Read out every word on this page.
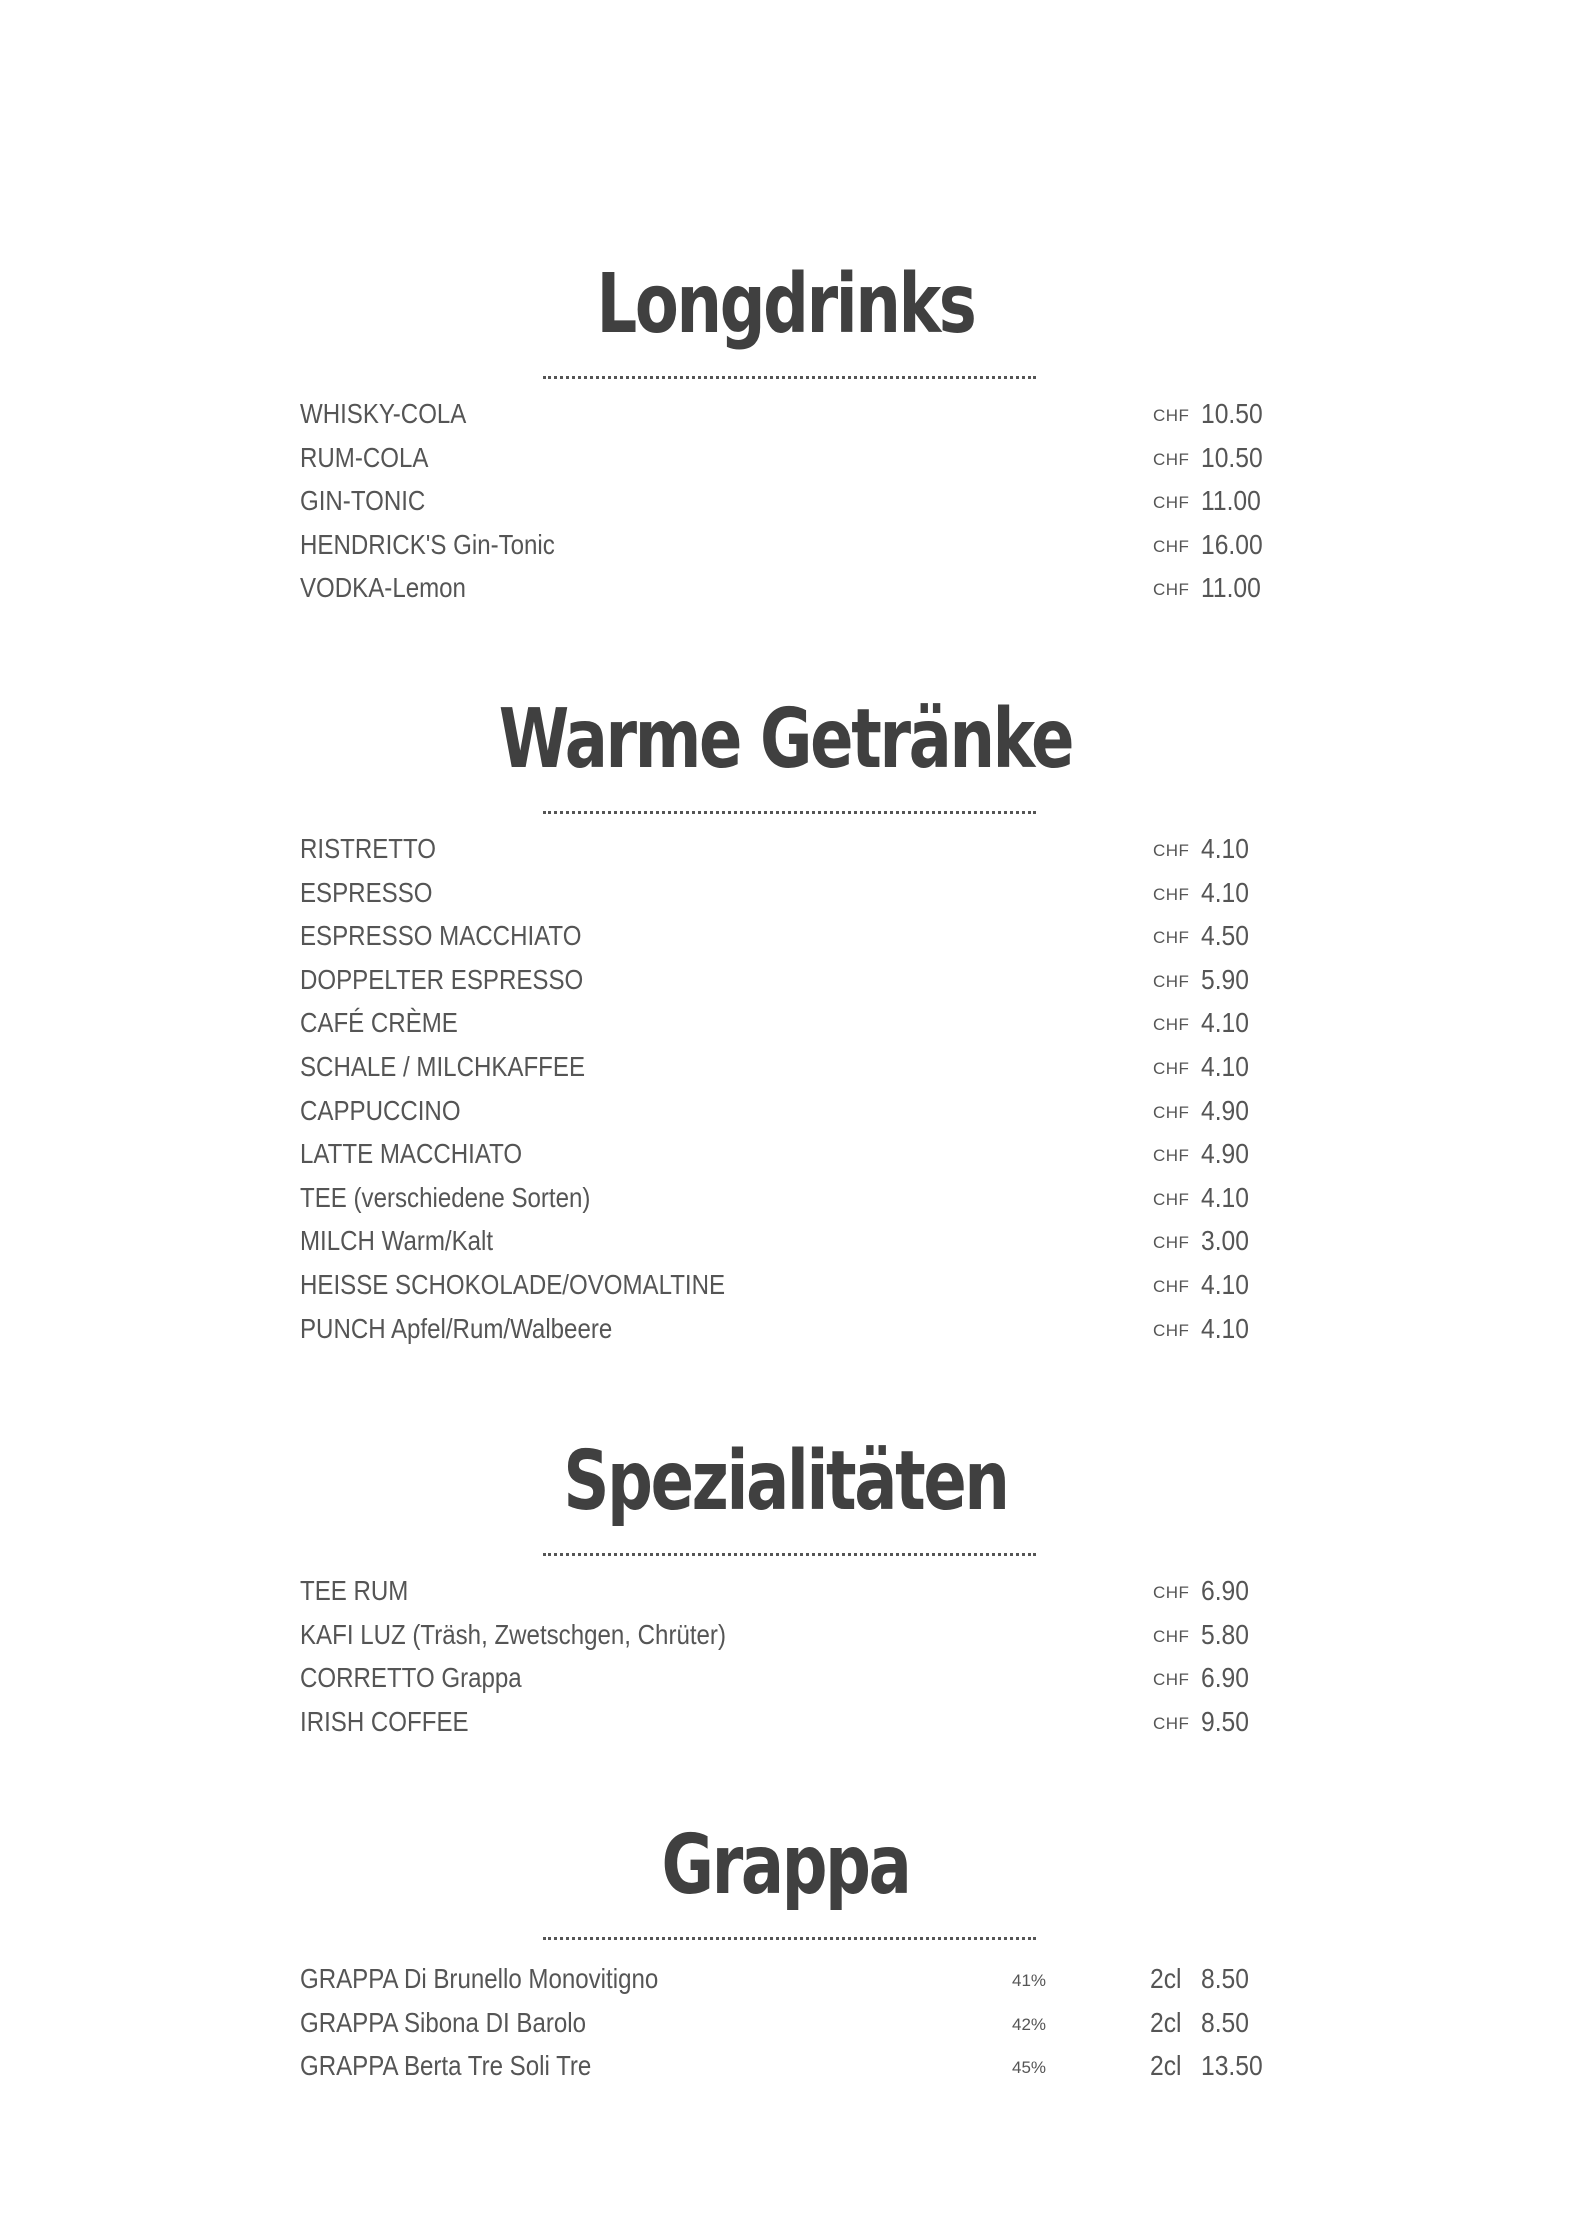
Longdrinks
WHISKY-COLA	CHF 10.50
RUM-COLA	CHF 10.50
GIN-TONIC	CHF 11.00
HENDRICK'S Gin-Tonic	CHF 16.00
VODKA-Lemon	CHF 11.00
Warme Getränke
RISTRETTO	CHF 4.10
ESPRESSO	CHF 4.10
ESPRESSO MACCHIATO	CHF 4.50
DOPPELTER ESPRESSO	CHF 5.90
CAFÉ CRÈME	CHF 4.10
SCHALE / MILCHKAFFEE	CHF 4.10
CAPPUCCINO	CHF 4.90
LATTE MACCHIATO	CHF 4.90
TEE (verschiedene Sorten)	CHF 4.10
MILCH Warm/Kalt	CHF 3.00
HEISSE SCHOKOLADE/OVOMALTINE	CHF 4.10
PUNCH Apfel/Rum/Walbeere	CHF 4.10
Spezialitäten
TEE RUM	CHF 6.90
KAFI LUZ (Träsh, Zwetschgen, Chrüter)	CHF 5.80
CORRETTO Grappa	CHF 6.90
IRISH COFFEE	CHF 9.50
Grappa
GRAPPA Di Brunello Monovitigno	41%	2cl 8.50
GRAPPA Sibona DI Barolo	42%	2cl 8.50
GRAPPA Berta Tre Soli Tre	45%	2cl 13.50
